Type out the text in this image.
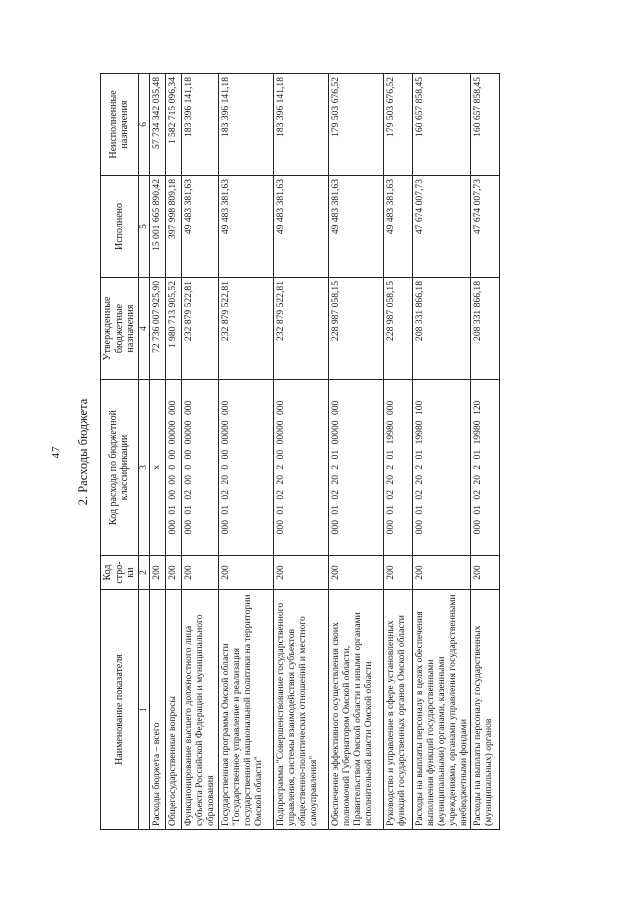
47 2. Расходы бюджета
Наименование показателя	Код стро-ки	Код расхода по бюджетной классификации	Утвержденные бюджетные назначения	Исполнено	Неисполненные назначения
1	2	3	4	5	6
Расходы бюджета – всего	200	х	72 736 007 925,90	15 001 665 890,42	57 734 342 035,48
Общегосударственные вопросы	200	000 01 00 00 0 00 00000 000	1 980 713 905,52	397 998 809,18	1 582 715 096,34
Функционирование высшего должностного лица субъекта Российской Федерации и муниципального образования	200	000 01 02 00 0 00 00000 000	232 879 522,81	49 483 381,63	183 396 141,18
Государственная программа Омской области "Государственное управление и реализация государственной национальной политики на территории Омской области"	200	000 01 02 20 0 00 00000 000	232 879 522,81	49 483 381,63	183 396 141,18
Подпрограмма "Совершенствование государственного управления, системы взаимодействия субъектов общественно-политических отношений и местного самоуправления"	200	000 01 02 20 2 00 00000 000	232 879 522,81	49 483 381,63	183 396 141,18
Обеспечение эффективного осуществления своих полномочий Губернатором Омской области, Правительством Омской области и иными органами исполнительной власти Омской области	200	000 01 02 20 2 01 00000 000	228 987 058,15	49 483 381,63	179 503 676,52
Руководство и управление в сфере установленных функций государственных органов Омской области	200	000 01 02 20 2 01 19980 000	228 987 058,15	49 483 381,63	179 503 676,52
Расходы на выплаты персоналу в целях обеспечения выполнения функций государственными (муниципальными) органами, казенными учреждениями, органами управления государственными внебюджетными фондами	200	000 01 02 20 2 01 19980 100	208 331 866,18	47 674 007,73	160 657 858,45
Расходы на выплаты персоналу государственных (муниципальных) органов	200	000 01 02 20 2 01 19980 120	208 331 866,18	47 674 007,73	160 657 858,45
